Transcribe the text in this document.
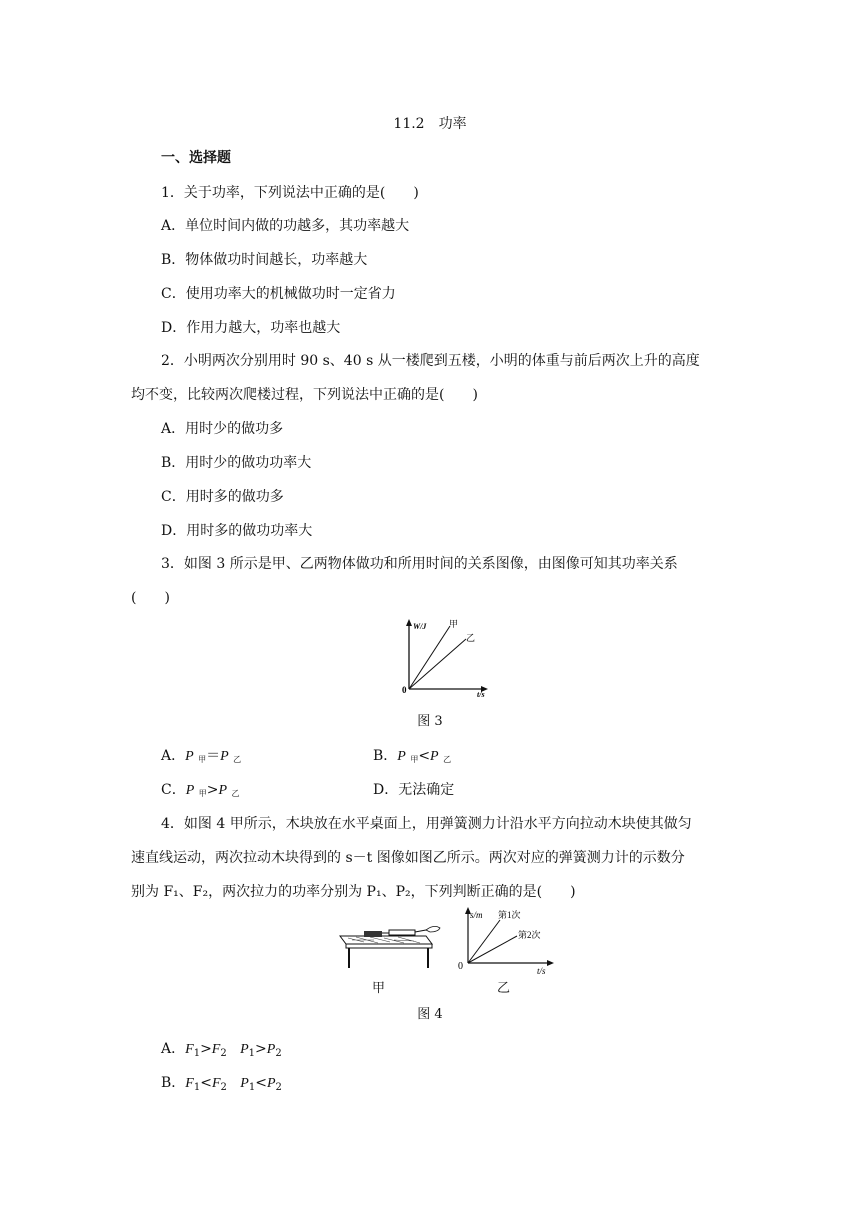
11.2　功率
一、选择题
1．关于功率，下列说法中正确的是(　　)
A．单位时间内做的功越多，其功率越大
B．物体做功时间越长，功率越大
C．使用功率大的机械做功时一定省力
D．作用力越大，功率也越大
2．小明两次分别用时 90 s、40 s 从一楼爬到五楼，小明的体重与前后两次上升的高度
均不变，比较两次爬楼过程，下列说法中正确的是(　　)
A．用时少的做功多
B．用时少的做功功率大
C．用时多的做功多
D．用时多的做功功率大
3．如图 3 所示是甲、乙两物体做功和所用时间的关系图像，由图像可知其功率关系
(　　)
W/J	甲
乙
0	t/s
图 3
A．P $_甲$＝P $_乙$	B．P $_甲$<P $_乙$
C．P $_甲$>P $_乙$	D．无法确定
4．如图 4 甲所示，木块放在水平桌面上，用弹簧测力计沿水平方向拉动木块使其做匀
速直线运动，两次拉动木块得到的 s－t 图像如图乙所示。两次对应的弹簧测力计的示数分
别为 F₁、F₂，两次拉力的功率分别为 P₁、P₂，下列判断正确的是(　　)
甲
s/m 第1次
第2次
0	t/s
乙
图 4
A．$F_1>F_2$ $P_1>P_2$
B．$F_1<F_2$ $P_1<P_2$
